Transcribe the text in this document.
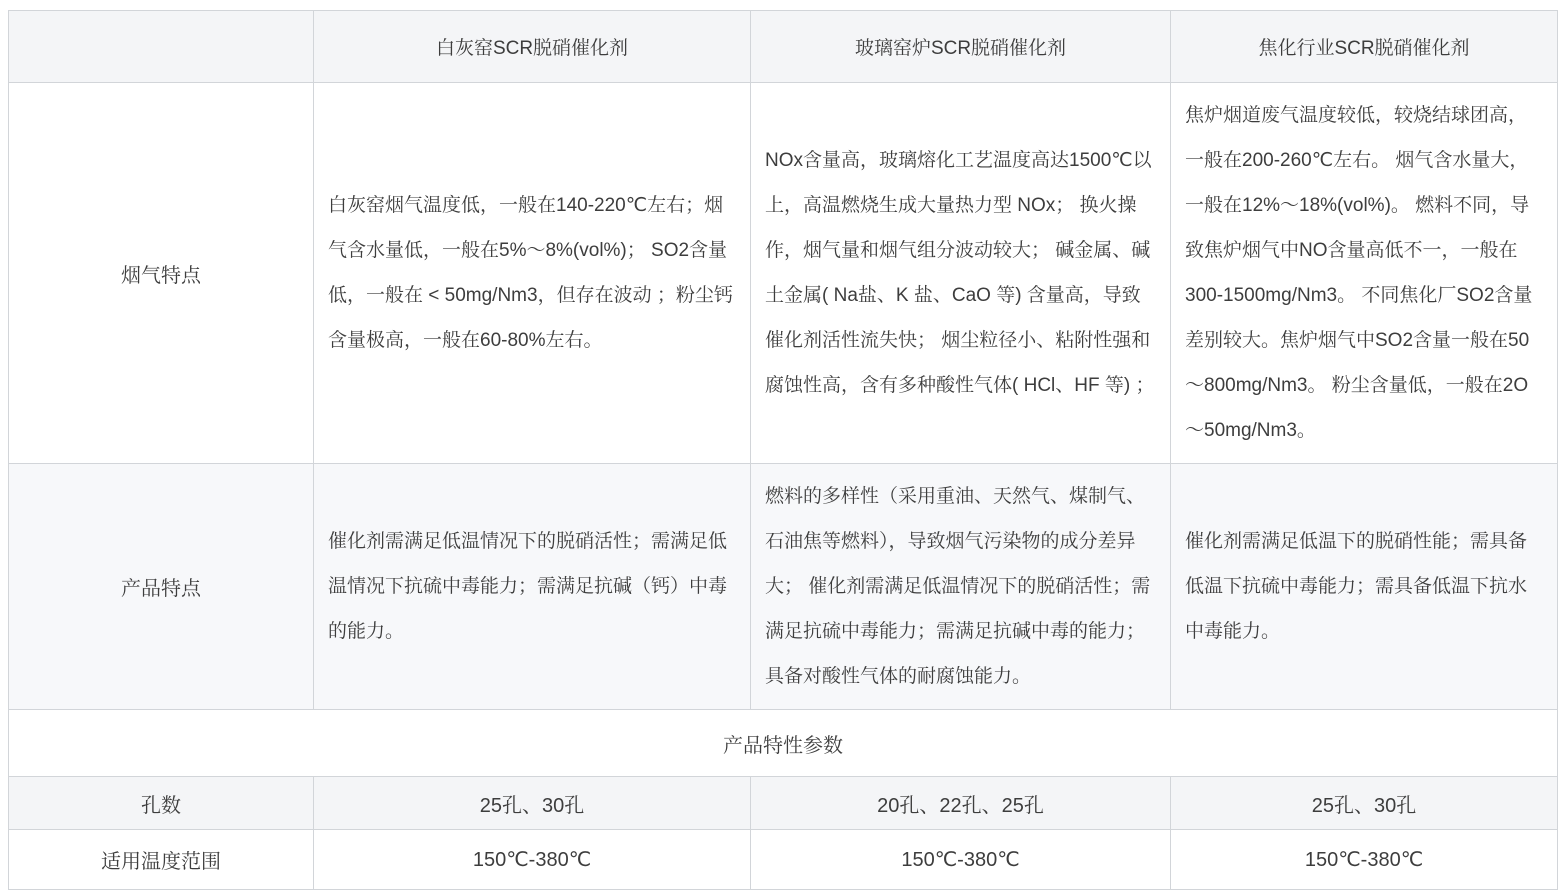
	白灰窑SCR脱硝催化剂	玻璃窑炉SCR脱硝催化剂	焦化行业SCR脱硝催化剂
烟气特点	白灰窑烟气温度低，一般在140-220℃左右；烟气含水量低，一般在5%～8%(vol%)； SO2含量低，一般在 < 50mg/Nm3，但存在波动 ；粉尘钙含量极高，一般在60-80%左右。	NOx含量高，玻璃熔化工艺温度高达1500℃以上，高温燃烧生成大量热力型 NOx； 换火操作，烟气量和烟气组分波动较大； 碱金属、碱土金属( Na盐、K 盐、CaO 等) 含量高，导致催化剂活性流失快； 烟尘粒径小、粘附性强和腐蚀性高，含有多种酸性气体( HCl、HF 等) ；	焦炉烟道废气温度较低，较烧结球团高，一般在200-260℃左右。 烟气含水量大，一般在12%～18%(vol%)。 燃料不同，导致焦炉烟气中NO含量高低不一，一般在300-1500mg/Nm3。 不同焦化厂SO2含量差别较大。焦炉烟气中SO2含量一般在50～800mg/Nm3。 粉尘含量低，一般在2O～50mg/Nm3。
产品特点	催化剂需满足低温情况下的脱硝活性；需满足低温情况下抗硫中毒能力；需满足抗碱（钙）中毒的能力。	燃料的多样性（采用重油、天然气、煤制气、石油焦等燃料），导致烟气污染物的成分差异大； 催化剂需满足低温情况下的脱硝活性；需满足抗硫中毒能力；需满足抗碱中毒的能力；具备对酸性气体的耐腐蚀能力。	催化剂需满足低温下的脱硝性能；需具备低温下抗硫中毒能力；需具备低温下抗水中毒能力。
产品特性参数			
孔数	25孔、30孔	20孔、22孔、25孔	25孔、30孔
适用温度范围	150℃-380℃	150℃-380℃	150℃-380℃
